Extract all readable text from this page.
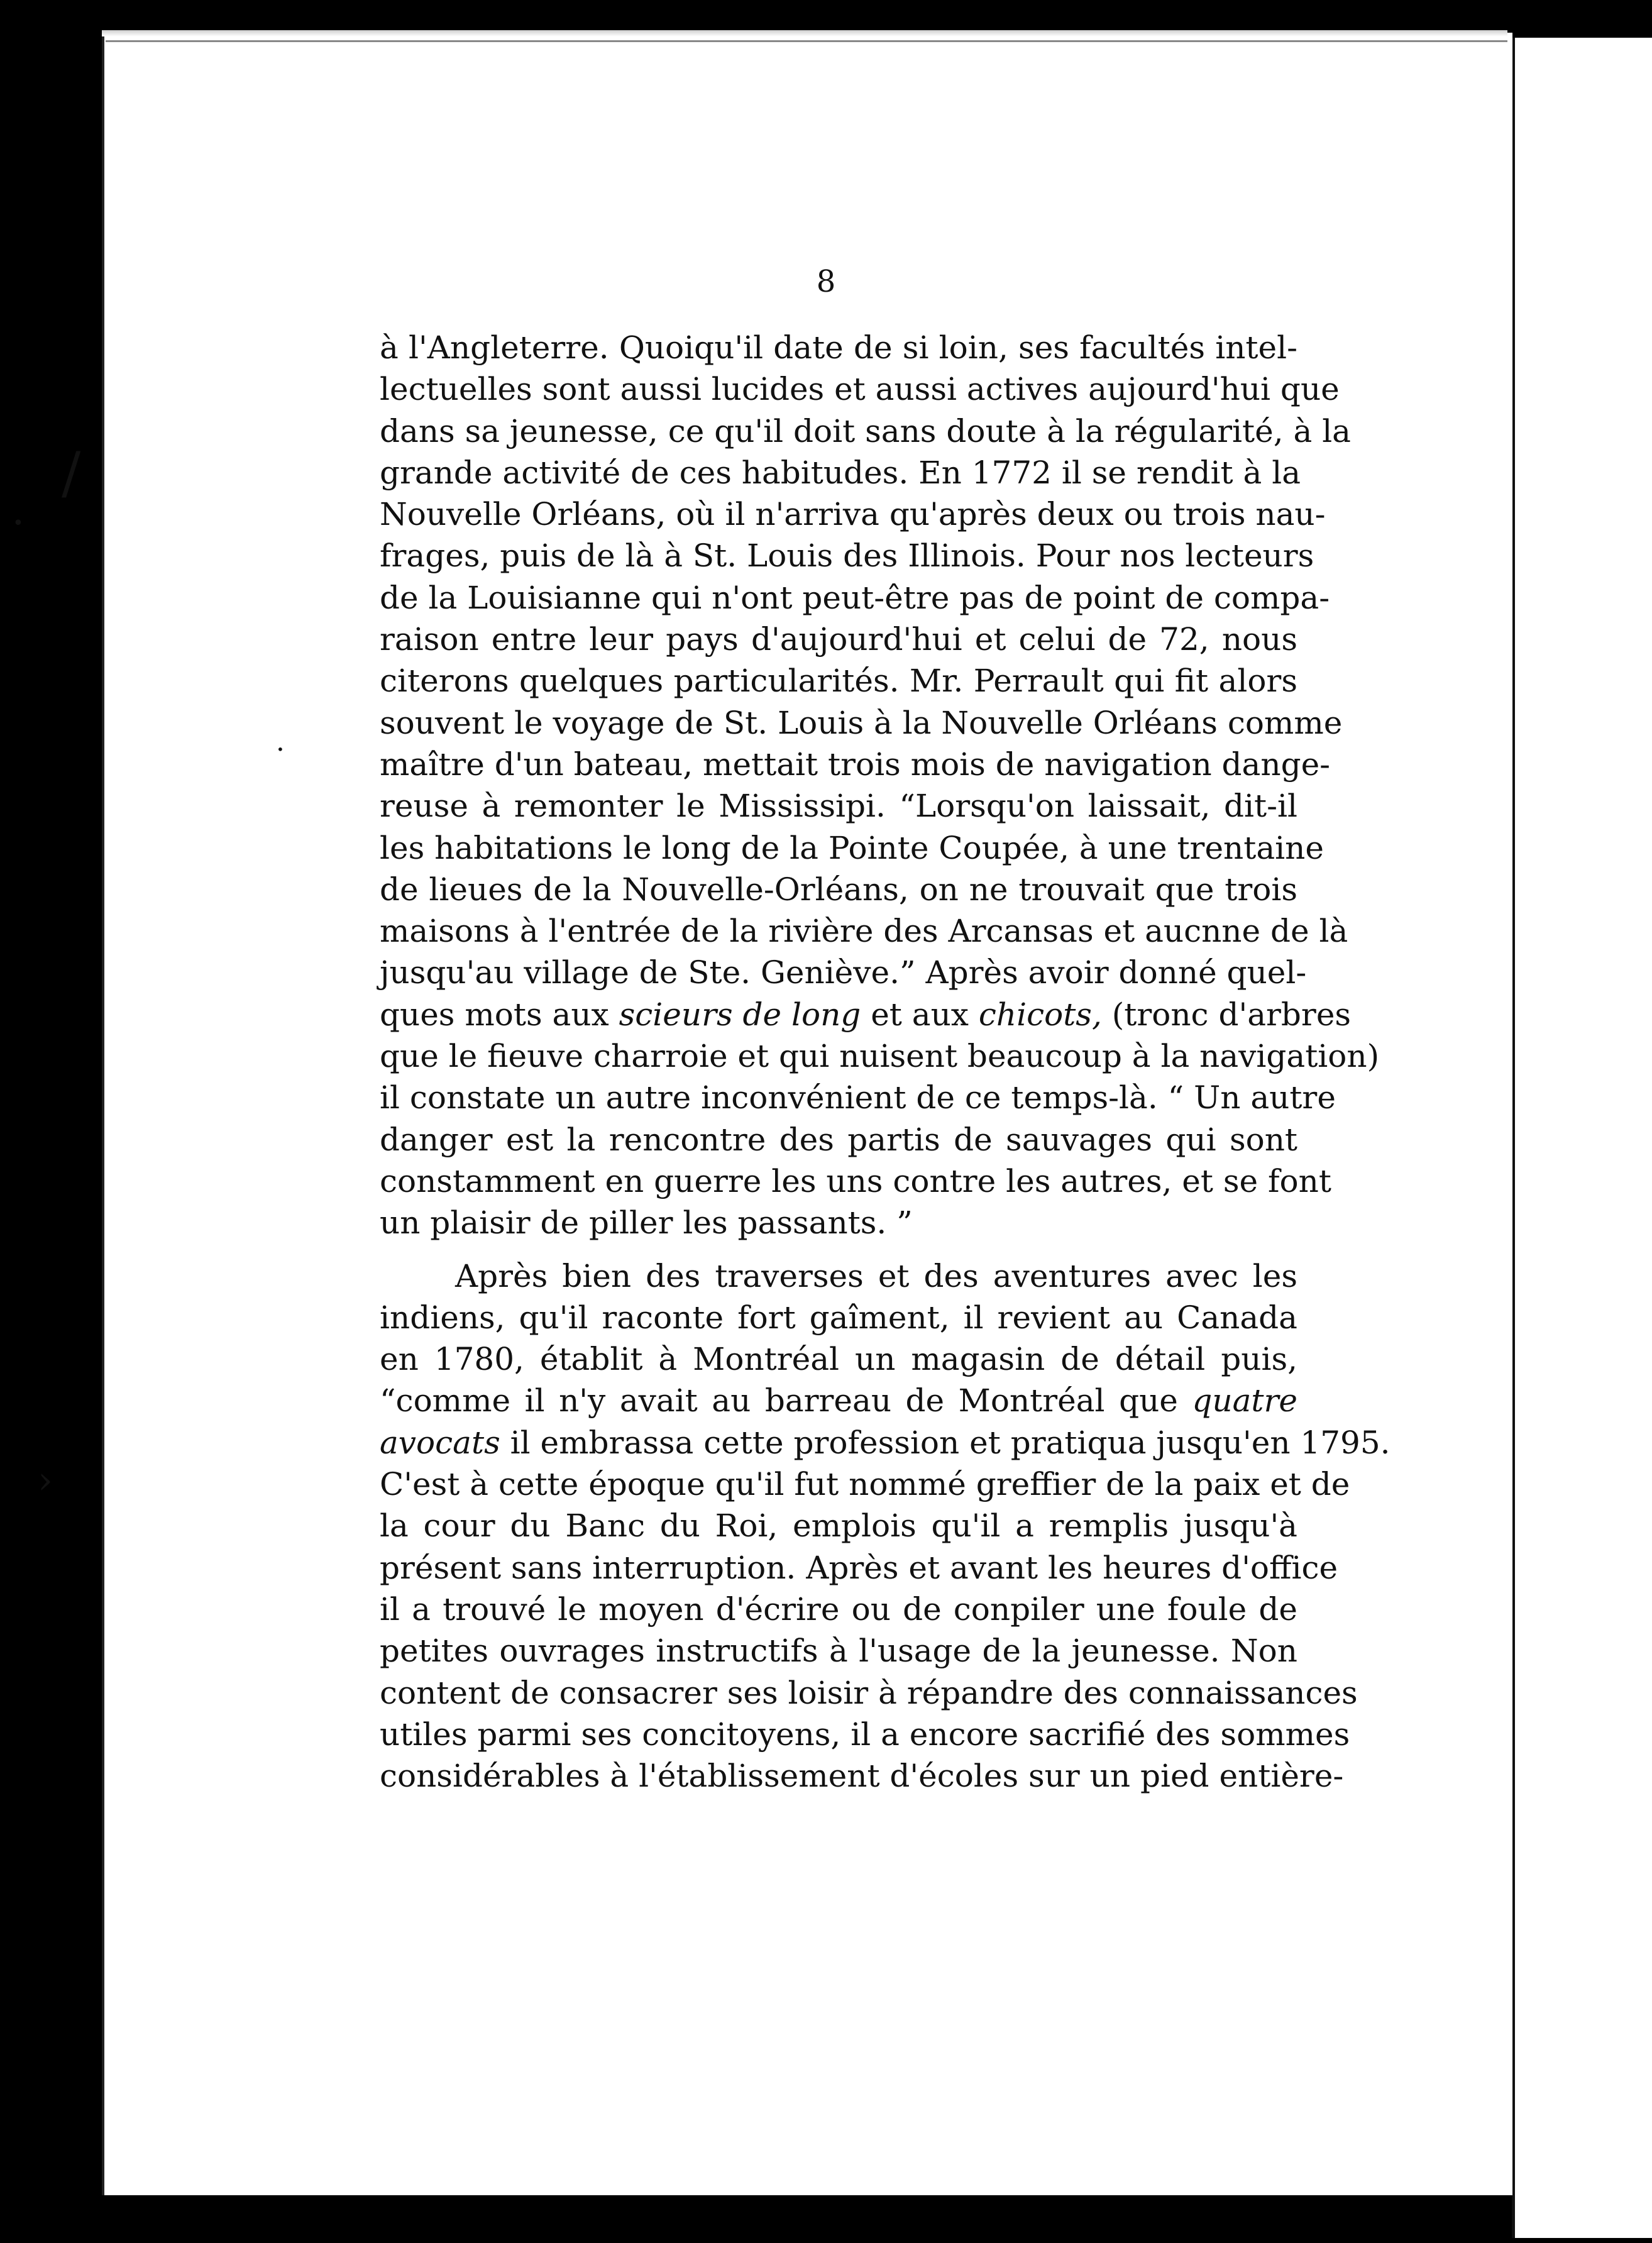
/
•
›
•
8
à l'Angleterre. Quoiqu'il date de si loin, ses facultés intel-
lectuelles sont aussi lucides et aussi actives aujourd'hui que
dans sa jeunesse, ce qu'il doit sans doute à la régularité, à la
grande activité de ces habitudes. En 1772 il se rendit à la
Nouvelle Orléans, où il n'arriva qu'après deux ou trois nau-
frages, puis de là à St. Louis des Illinois. Pour nos lecteurs
de la Louisianne qui n'ont peut-être pas de point de compa-
raison entre leur pays d'aujourd'hui et celui de 72, nous
citerons quelques particularités. Mr. Perrault qui fit alors
souvent le voyage de St. Louis à la Nouvelle Orléans comme
maître d'un bateau, mettait trois mois de navigation dange-
reuse à remonter le Mississipi. “Lorsqu'on laissait, dit-il
les habitations le long de la Pointe Coupée, à une trentaine
de lieues de la Nouvelle-Orléans, on ne trouvait que trois
maisons à l'entrée de la rivière des Arcansas et aucnne de là
jusqu'au village de Ste. Geniève.” Après avoir donné quel-
ques mots aux scieurs de long et aux chicots, (tronc d'arbres
que le fieuve charroie et qui nuisent beaucoup à la navigation)
il constate un autre inconvénient de ce temps-là. “ Un autre
danger est la rencontre des partis de sauvages qui sont
constamment en guerre les uns contre les autres, et se font
un plaisir de piller les passants. ”
Après bien des traverses et des aventures avec les
indiens, qu'il raconte fort gaîment, il revient au Canada
en 1780, établit à Montréal un magasin de détail puis,
“comme il n'y avait au barreau de Montréal que quatre
avocats il embrassa cette profession et pratiqua jusqu'en 1795.
C'est à cette époque qu'il fut nommé greffier de la paix et de
la cour du Banc du Roi, emplois qu'il a remplis jusqu'à
présent sans interruption. Après et avant les heures d'office
il a trouvé le moyen d'écrire ou de conpiler une foule de
petites ouvrages instructifs à l'usage de la jeunesse. Non
content de consacrer ses loisir à répandre des connaissances
utiles parmi ses concitoyens, il a encore sacrifié des sommes
considérables à l'établissement d'écoles sur un pied entière-
